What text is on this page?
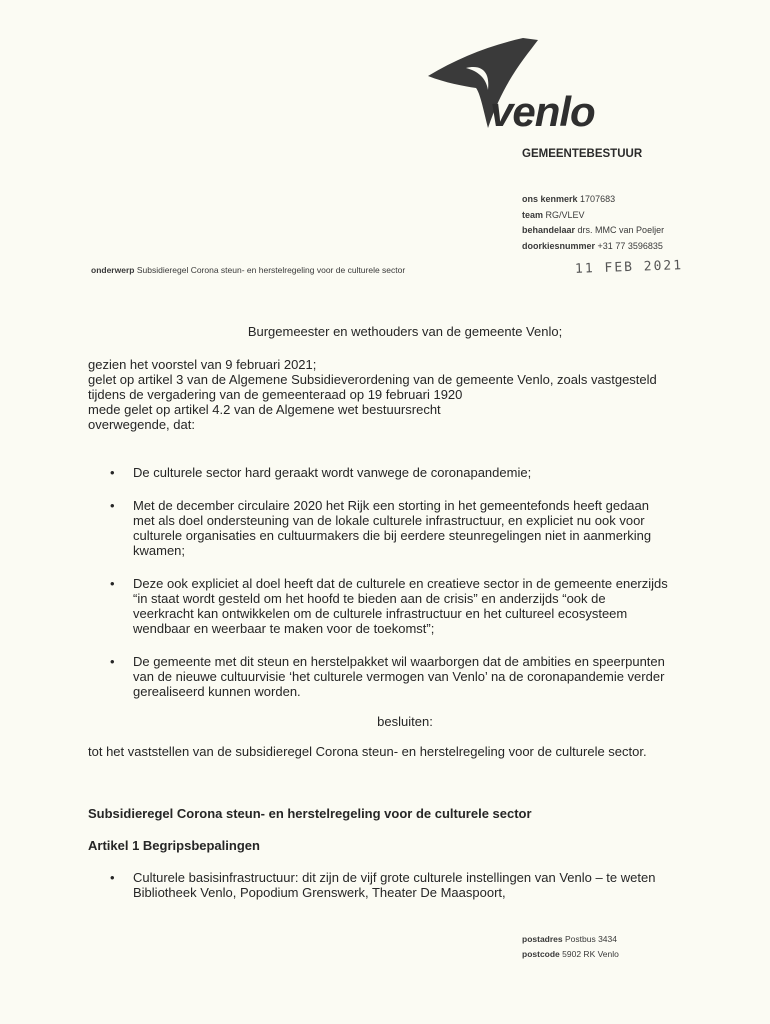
venlo
GEMEENTEBESTUUR
ons kenmerk 1707683
team RG/VLEV
behandelaar drs. MMC van Poeljer
doorkiesnummer +31 77 3596835
onderwerp Subsidieregel Corona steun- en herstelregeling voor de culturele sector	11 FEB 2021
Burgemeester en wethouders van de gemeente Venlo;
gezien het voorstel van 9 februari 2021;
gelet op artikel 3 van de Algemene Subsidieverordening van de gemeente Venlo, zoals vastgesteld tijdens de vergadering van de gemeenteraad op 19 februari 1920
mede gelet op artikel 4.2 van de Algemene wet bestuursrecht
overwegende, dat:
• De culturele sector hard geraakt wordt vanwege de coronapandemie;
• Met de december circulaire 2020 het Rijk een storting in het gemeentefonds heeft gedaan met als doel ondersteuning van de lokale culturele infrastructuur, en expliciet nu ook voor culturele organisaties en cultuurmakers die bij eerdere steunregelingen niet in aanmerking kwamen;
• Deze ook expliciet al doel heeft dat de culturele en creatieve sector in de gemeente enerzijds “in staat wordt gesteld om het hoofd te bieden aan de crisis” en anderzijds “ook de veerkracht kan ontwikkelen om de culturele infrastructuur en het cultureel ecosysteem wendbaar en weerbaar te maken voor de toekomst”;
• De gemeente met dit steun en herstelpakket wil waarborgen dat de ambities en speerpunten van de nieuwe cultuurvisie ‘het culturele vermogen van Venlo’ na de coronapandemie verder gerealiseerd kunnen worden.
besluiten:
tot het vaststellen van de subsidieregel Corona steun- en herstelregeling voor de culturele sector.
Subsidieregel Corona steun- en herstelregeling voor de culturele sector
Artikel 1 Begripsbepalingen
• Culturele basisinfrastructuur: dit zijn de vijf grote culturele instellingen van Venlo – te weten Bibliotheek Venlo, Popodium Grenswerk, Theater De Maaspoort,
postadres Postbus 3434
postcode 5902 RK Venlo
